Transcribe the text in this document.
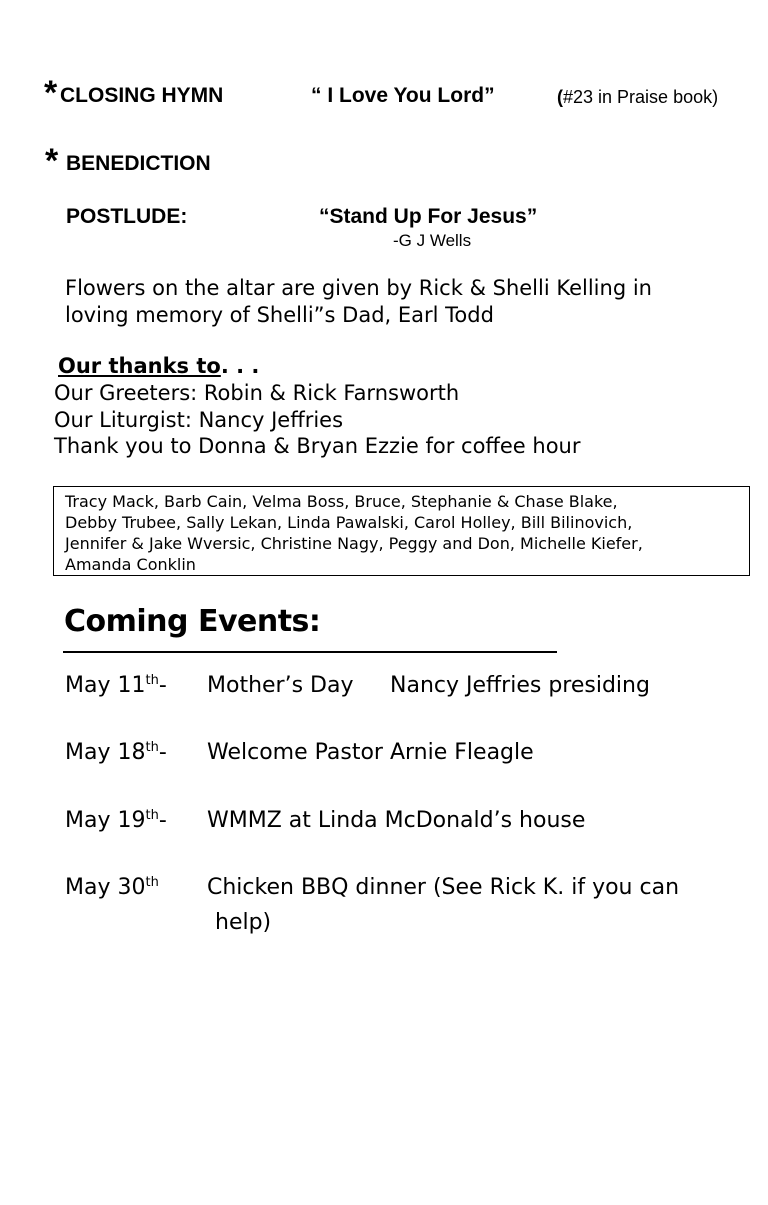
* CLOSING HYMN	“ I Love You Lord”	(#23 in Praise book)
* BENEDICTION
POSTLUDE:	“Stand Up For Jesus”
-G J Wells
Flowers on the altar are given by Rick & Shelli Kelling in
loving memory of Shelli”s Dad, Earl Todd
Our thanks to. . .
Our Greeters: Robin & Rick Farnsworth
Our Liturgist: Nancy Jeffries
Thank you to Donna & Bryan Ezzie for coffee hour
Tracy Mack, Barb Cain, Velma Boss, Bruce, Stephanie & Chase Blake,
Debby Trubee, Sally Lekan, Linda Pawalski, Carol Holley, Bill Bilinovich,
Jennifer & Jake Wversic, Christine Nagy, Peggy and Don, Michelle Kiefer,
Amanda Conklin
Coming Events:
May 11th- Mother’s Day Nancy Jeffries presiding
May 18th- Welcome Pastor Arnie Fleagle
May 19th- WMMZ at Linda McDonald’s house
May 30th Chicken BBQ dinner (See Rick K. if you can
help)
